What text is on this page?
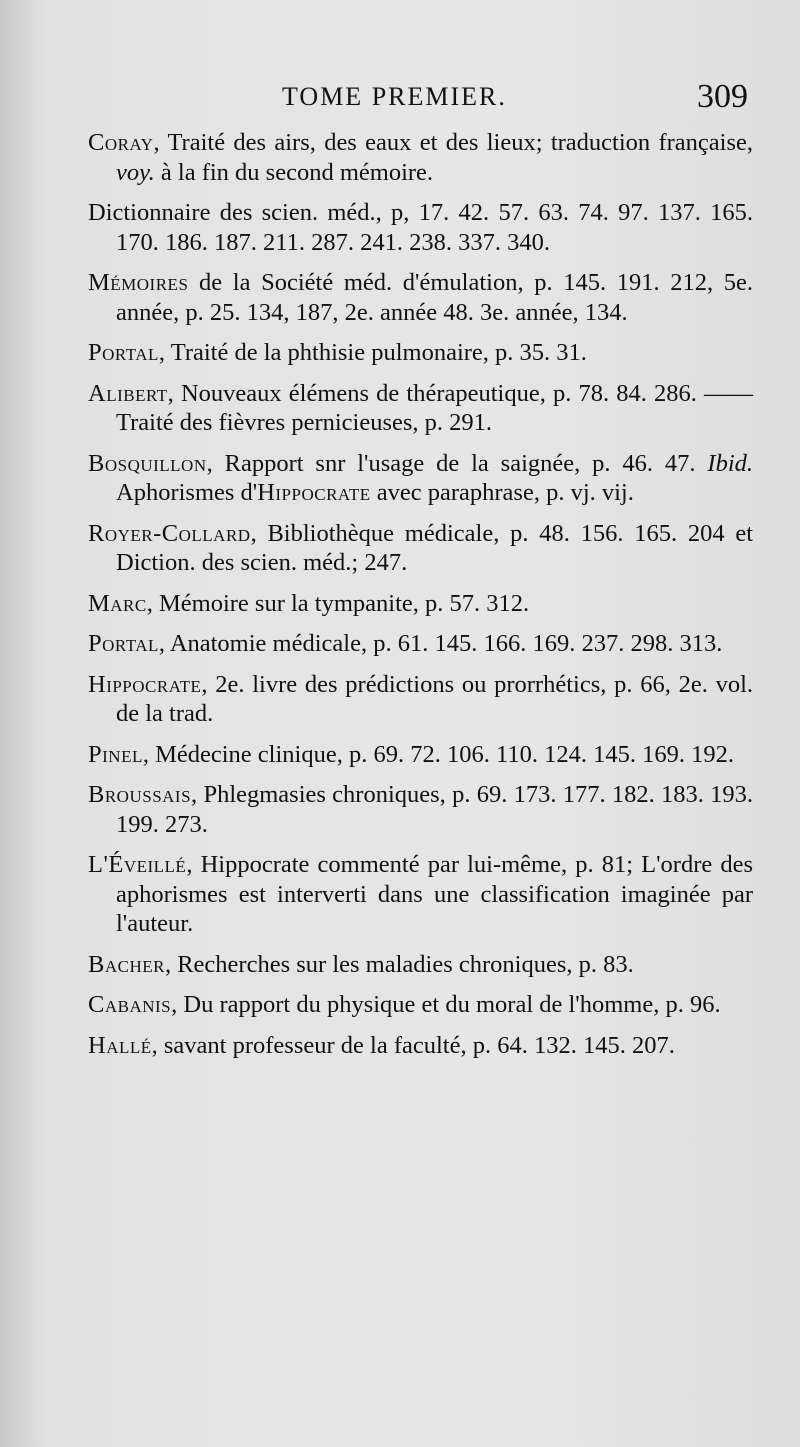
TOME PREMIER.	309

Coray, Traité des airs, des eaux et des lieux; traduction française, voy. à la fin du second mémoire.

Dictionnaire des scien. méd., p, 17. 42. 57. 63. 74. 97. 137. 165. 170. 186. 187. 211. 287. 241. 238. 337. 340.

Mémoires de la Société méd. d'émulation, p. 145. 191. 212, 5e. année, p. 25. 134, 187, 2e. année 48. 3e. année, 134.

Portal, Traité de la phthisie pulmonaire, p. 35. 31.

Alibert, Nouveaux élémens de thérapeutique, p. 78. 84. 286. —— Traité des fièvres pernicieuses, p. 291.

Bosquillon, Rapport snr l'usage de la saignée, p. 46. 47. Ibid. Aphorismes d'Hippocrate avec paraphrase, p. vj. vij.

Royer-Collard, Bibliothèque médicale, p. 48. 156. 165. 204 et Diction. des scien. méd.; 247.

Marc, Mémoire sur la tympanite, p. 57. 312.

Portal, Anatomie médicale, p. 61. 145. 166. 169. 237. 298. 313.

Hippocrate, 2e. livre des prédictions ou prorrhétics, p. 66, 2e. vol. de la trad.

Pinel, Médecine clinique, p. 69. 72. 106. 110. 124. 145. 169. 192.

Broussais, Phlegmasies chroniques, p. 69. 173. 177. 182. 183. 193. 199. 273.

L'Éveillé, Hippocrate commenté par lui-même, p. 81; L'ordre des aphorismes est interverti dans une classification imaginée par l'auteur.

Bacher, Recherches sur les maladies chroniques, p. 83.

Cabanis, Du rapport du physique et du moral de l'homme, p. 96.

Hallé, savant professeur de la faculté, p. 64. 132. 145. 207.
